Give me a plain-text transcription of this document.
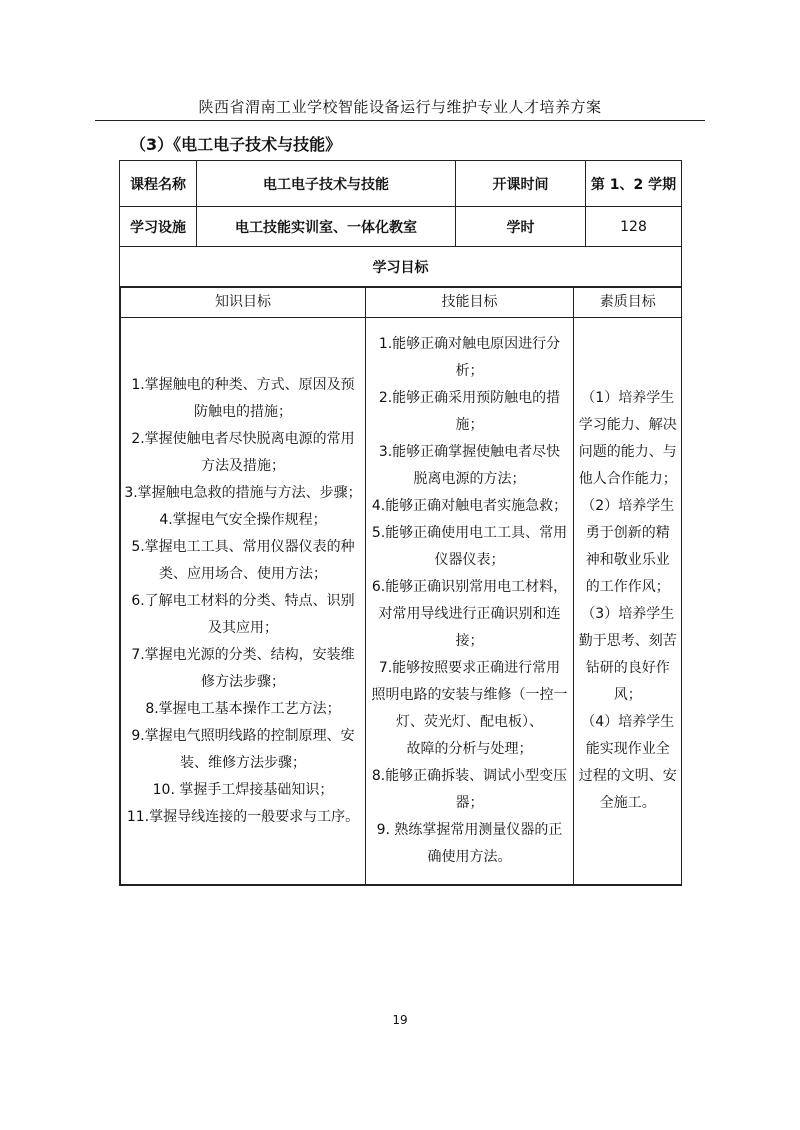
陕西省渭南工业学校智能设备运行与维护专业人才培养方案
（3）《电工电子技术与技能》
课程名称	电工电子技术与技能	开课时间	第 1、2 学期
学习设施	电工技能实训室、一体化教室	学时	128
学习目标

知识目标	技能目标	素质目标

1.掌握触电的种类、方式、原因及预
防触电的措施；
2.掌握使触电者尽快脱离电源的常用
方法及措施；
3.掌握触电急救的措施与方法、步骤；
4.掌握电气安全操作规程；
5.掌握电工工具、常用仪器仪表的种
类、应用场合、使用方法；
6.了解电工材料的分类、特点、识别
及其应用；
7.掌握电光源的分类、结构，安装维
修方法步骤；
8.掌握电工基本操作工艺方法；
9.掌握电气照明线路的控制原理、安
装、维修方法步骤；
10. 掌握手工焊接基础知识；
11.掌握导线连接的一般要求与工序。

1.能够正确对触电原因进行分
析；
2.能够正确采用预防触电的措
施；
3.能够正确掌握使触电者尽快
脱离电源的方法；
4.能够正确对触电者实施急救；
5.能够正确使用电工工具、常用
仪器仪表；
6.能够正确识别常用电工材料，
对常用导线进行正确识别和连
接；
7.能够按照要求正确进行常用
照明电路的安装与维修（一控一
灯、荧光灯、配电板）、
故障的分析与处理；
8.能够正确拆装、调试小型变压
器；
9. 熟练掌握常用测量仪器的正
确使用方法。

（1）培养学生
学习能力、解决
问题的能力、与
他人合作能力；
（2）培养学生
勇于创新的精
神和敬业乐业
的工作作风；
（3）培养学生
勤于思考、刻苦
钻研的良好作
风；
（4）培养学生
能实现作业全
过程的文明、安
全施工。
19
